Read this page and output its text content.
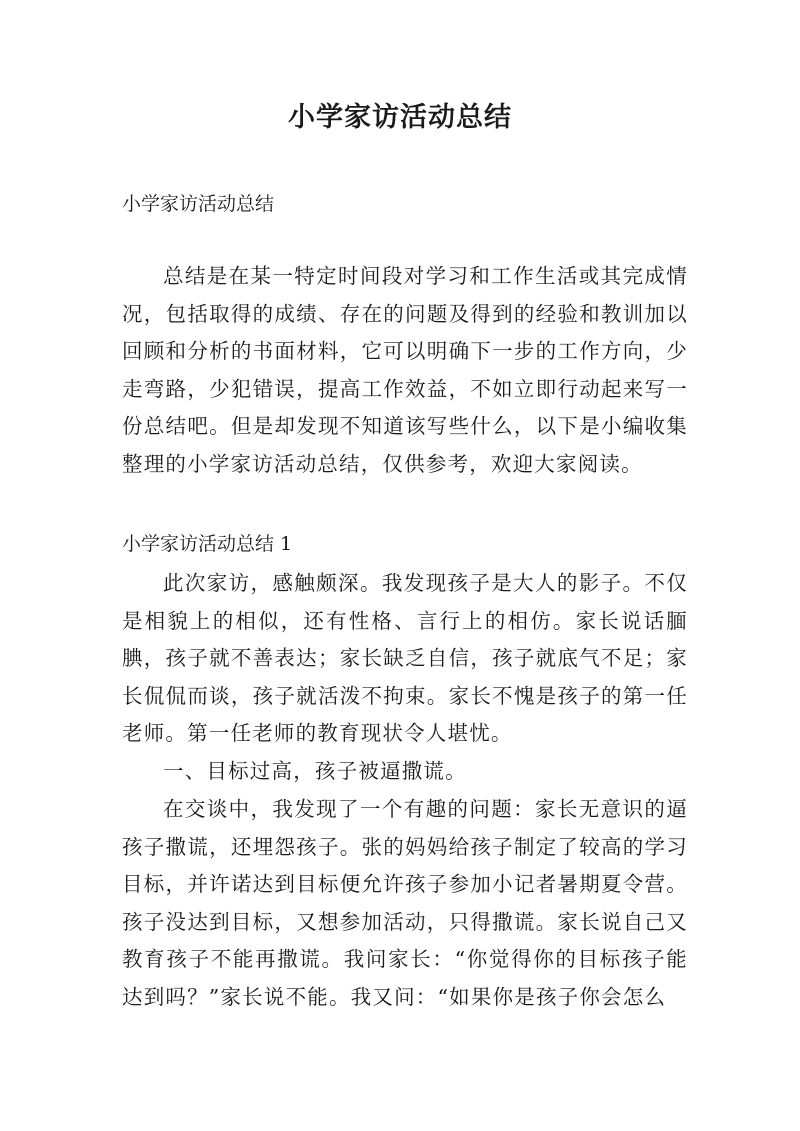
小学家访活动总结

小学家访活动总结

总结是在某一特定时间段对学习和工作生活或其完成情况，包括取得的成绩、存在的问题及得到的经验和教训加以回顾和分析的书面材料，它可以明确下一步的工作方向，少走弯路，少犯错误，提高工作效益，不如立即行动起来写一份总结吧。但是却发现不知道该写些什么，以下是小编收集整理的小学家访活动总结，仅供参考，欢迎大家阅读。

小学家访活动总结 1

此次家访，感触颇深。我发现孩子是大人的影子。不仅是相貌上的相似，还有性格、言行上的相仿。家长说话腼腆，孩子就不善表达；家长缺乏自信，孩子就底气不足；家长侃侃而谈，孩子就活泼不拘束。家长不愧是孩子的第一任老师。第一任老师的教育现状令人堪忧。

一、目标过高，孩子被逼撒谎。

在交谈中，我发现了一个有趣的问题：家长无意识的逼孩子撒谎，还埋怨孩子。张的妈妈给孩子制定了较高的学习目标，并许诺达到目标便允许孩子参加小记者暑期夏令营。孩子没达到目标，又想参加活动，只得撒谎。家长说自己又教育孩子不能再撒谎。我问家长：“你觉得你的目标孩子能达到吗？”家长说不能。我又问：“如果你是孩子你会怎么
